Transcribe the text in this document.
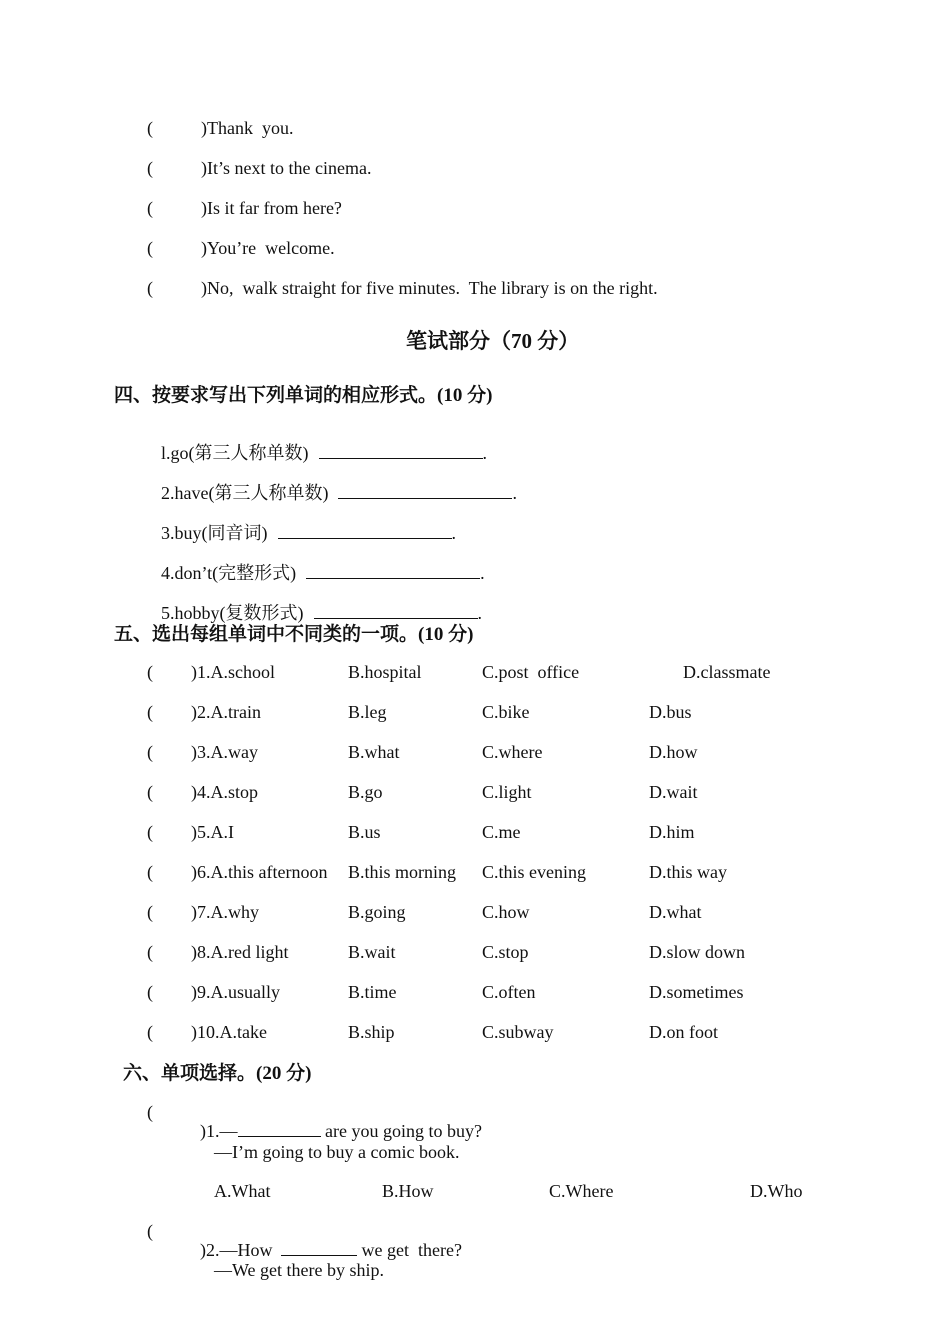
(	)Thank  you.
(	)It’s next to the cinema.
(	)Is it far from here?
(	)You’re  welcome.
(	)No,  walk straight for five minutes.  The library is on the right.
笔试部分（70 分）
四、按要求写出下列单词的相应形式。(10 分)

l.go(第三人称单数)	.

2.have(第三人称单数)	.

3.buy(同音词)	.

4.don’t(完整形式)	.

5.hobby(复数形式)	.

五、选出每组单词中不同类的一项。(10 分)
( )1.A.school	B.hospital	C.post  office	D.classmate
( )2.A.train	B.leg	C.bike	D.bus
( )3.A.way	B.what	C.where	D.how
( )4.A.stop	B.go	C.light	D.wait
( )5.A.I	B.us	C.me	D.him
( )6.A.this afternoon B.this morning C.this evening	D.this way
( )7.A.why	B.going	C.how	D.what
( )8.A.red light	B.wait	C.stop	D.slow down
( )9.A.usually	B.time	C.often	D.sometimes
( )10.A.take	B.ship	C.subway	D.on foot
六、单项选择。(20 分)
(

)1.—	are you going to buy?

—I’m going to buy a comic book.
A.What	B.How	C.Where	D.Who
(

)2.—How	we get  there?

—We get there by ship.
